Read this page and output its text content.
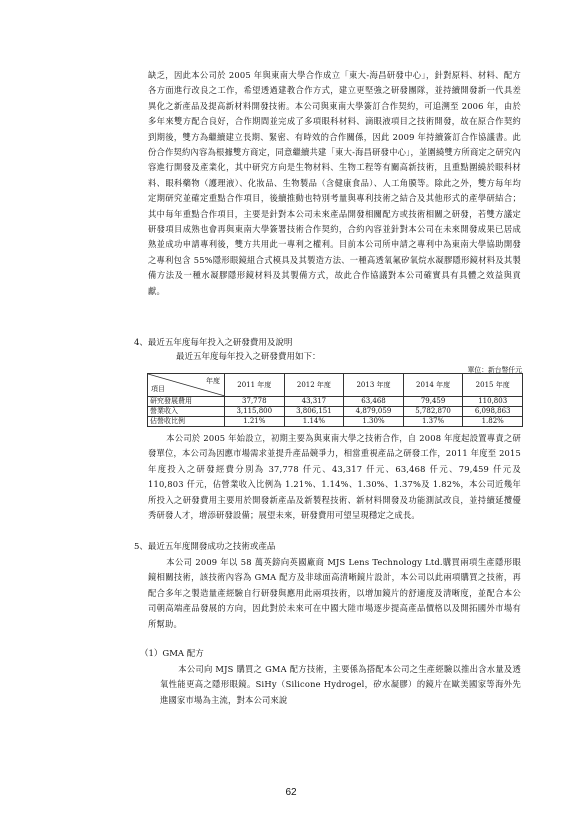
缺乏，因此本公司於 2005 年與東南大學合作成立「東大-海昌研發中心」，針對原料、材料、配方各方面進行改良之工作，希望透過建教合作方式，建立更堅強之研發團隊，並持續開發新一代具差異化之新產品及提高新材料開發技術。本公司與東南大學簽訂合作契約，可追溯至 2006 年，由於多年來雙方配合良好，合作期間並完成了多項眼科材料、滴眼液項目之技術開發，故在原合作契約到期後，雙方為繼續建立長期、緊密、有時效的合作關係，因此 2009 年持續簽訂合作協議書。此份合作契約內容為根據雙方商定，同意繼續共建「東大-海昌研發中心」，並圍繞雙方所商定之研究內容進行開發及產業化，其中研究方向是生物材料、生物工程等有關高新技術，且重點圍繞於眼科材料、眼科藥物（護理液）、化妝品、生物製品（含健康食品）、人工角膜等。除此之外，雙方每年均定期研究並確定重點合作項目，後續推動也特別考量與專利技術之結合及其他形式的產學研結合；其中每年重點合作項目，主要是針對本公司未來產品開發相關配方或技術相關之研發，若雙方議定研發項目成熟也會再與東南大學簽署技術合作契約，合約內容並針對本公司在未來開發成果已居成熟並成功申請專利後，雙方共用此一專利之權利。目前本公司所申請之專利中為東南大學協助開發之專利包含 55%隱形眼鏡組合式模具及其製造方法、一種高透氧氟矽氧烷水凝膠隱形鏡材料及其製備方法及一種水凝膠隱形鏡材料及其製備方式，故此合作協議對本公司確實具有具體之效益與貢獻。

4、最近五年度每年投入之研發費用及說明
最近五年度每年投入之研發費用如下：
單位：新台幣仟元
年度
項目	2011 年度	2012 年度	2013 年度	2014 年度	2015 年度
研究發展費用	37,778	43,317	63,468	79,459	110,803
營業收入	3,115,800	3,806,151	4,879,059	5,782,870	6,098,863
佔營收比例	1.21%	1.14%	1.30%	1.37%	1.82%

本公司於 2005 年始設立，初期主要為與東南大學之技術合作，自 2008 年度起設置專責之研發單位，本公司為因應市場需求並提升產品競爭力，相當重視產品之研發工作，2011 年度至 2015 年度投入之研發經費分別為 37,778 仟元、43,317 仟元、63,468 仟元、79,459 仟元及 110,803 仟元，佔營業收入比例為 1.21%、1.14%、1.30%、1.37%及 1.82%，本公司近幾年所投入之研發費用主要用於開發新產品及新製程技術、新材料開發及功能測試改良，並持續延攬優秀研發人才，增添研發設備；展望未來，研發費用可望呈現穩定之成長。

5、最近五年度開發成功之技術或產品

本公司 2009 年以 58 萬英鎊向英國廠商 MJS Lens Technology Ltd.購買兩項生產隱形眼鏡相關技術，該技術內容為 GMA 配方及非球面高清晰鏡片設計，本公司以此兩項購買之技術，再配合多年之製造量產經驗自行研發與應用此兩項技術，以增加鏡片的舒適度及清晰度，並配合本公司朝高端產品發展的方向，因此對於未來可在中國大陸市場逐步提高產品價格以及開拓國外市場有所幫助。

（1）GMA 配方

本公司向 MJS 購買之 GMA 配方技術，主要係為搭配本公司之生產經驗以推出含水量及透氧性能更高之隱形眼鏡。SiHy（Silicone Hydrogel，矽水凝膠）的鏡片在歐美國家等海外先進國家市場為主流，對本公司來說

62
